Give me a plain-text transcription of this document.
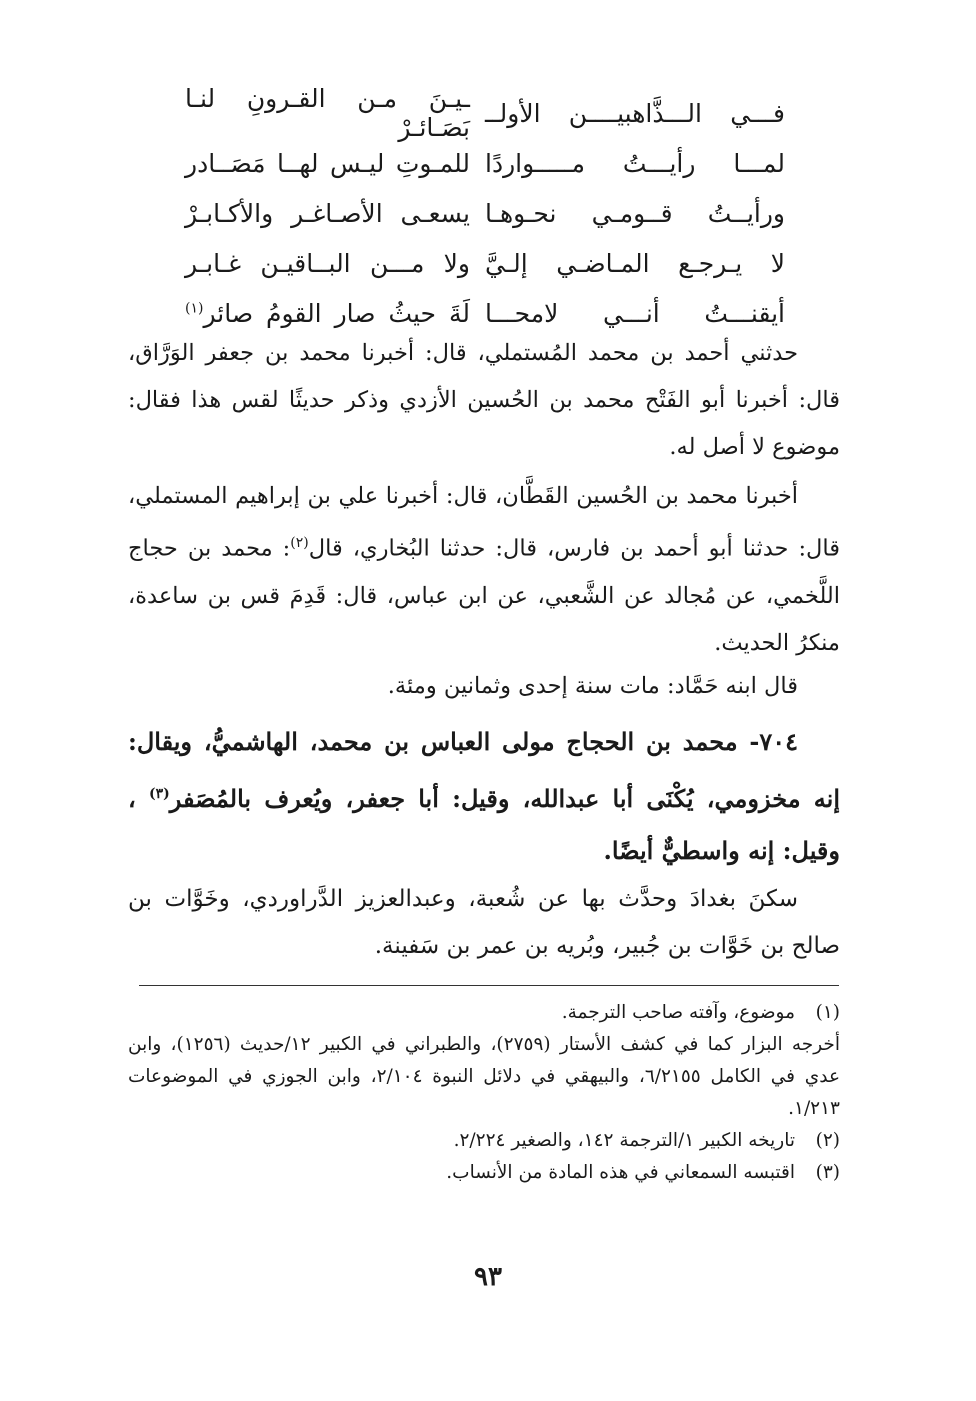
فـــي الـــذَّاهبيــــن الأولــ
ـيـنَ مـن القـرونِ لنـا بَصَـائـرْ
لمـــا رأيـــتُ مـــــواردًا
للمـوتِ ليـس لهــا مَصَــادر
ورأيــتُ قــومـي نحـوهـا
يسعـى الأصـاغـر والأكـابـرْ
لا يـرجـع المـاضـي إلـيَّ
ولا مـــن البــاقيـن غـابـر
أيقنـــتُ أنـــي لامحـــا
لَةَ حيثُ صار القومُ صائر$^{(١)}$
حدثني أحمد بن محمد المُستملي، قال: أخبرنا محمد بن جعفر الوَرَّاق، قال: أخبرنا أبو الفَتْح محمد بن الحُسين الأزدي وذكر حديثًا لقس هذا فقال: موضوع لا أصل له.
أخبرنا محمد بن الحُسين القَطَّان، قال: أخبرنا علي بن إبراهيم المستملي، قال: حدثنا أبو أحمد بن فارس، قال: حدثنا البُخاري، قال$^{(٢)}$: محمد بن حجاج اللَّخمي، عن مُجالد عن الشَّعبي، عن ابن عباس، قال: قَدِمَ قس بن ساعدة، منكرُ الحديث.
قال ابنه حَمَّاد: مات سنة إحدى وثمانين ومئة.
٧٠٤- محمد بن الحجاج مولى العباس بن محمد، الهاشميُّ، ويقال: إنه مخزومي، يُكْنَى أبا عبدالله، وقيل: أبا جعفر، ويُعرف بالمُصَفر$^{(٣)}$ ، وقيل: إنه واسطيٌّ أيضًا.
سكنَ بغدادَ وحدَّث بها عن شُعبة، وعبدالعزيز الدَّراوردي، وخَوَّات بن صالح بن خَوَّات بن جُبير، وبُريه بن عمر بن سَفينة.
(١)
موضوع، وآفته صاحب الترجمة.
أخرجه البزار كما في كشف الأستار (٢٧٥٩)، والطبراني في الكبير ١٢/حديث (١٢٥٦)، وابن عدي في الكامل ٦/٢١٥٥، والبيهقي في دلائل النبوة ٢/١٠٤، وابن الجوزي في الموضوعات ١/٢١٣.
(٢)
تاريخه الكبير ١/الترجمة ١٤٢، والصغير ٢/٢٢٤.
(٣)
اقتبسه السمعاني في هذه المادة من الأنساب.
٩٣
